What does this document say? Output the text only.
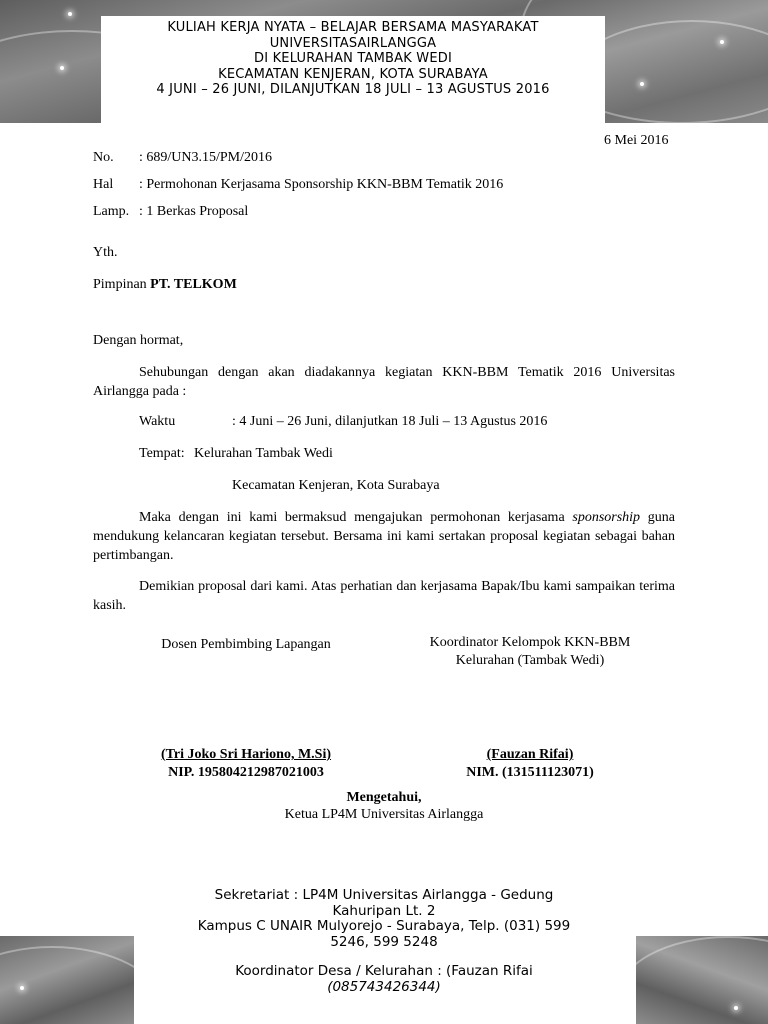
KULIAH KERJA NYATA – BELAJAR BERSAMA MASYARAKAT
UNIVERSITASAIRLANGGA
DI KELURAHAN TAMBAK WEDI
KECAMATAN KENJERAN, KOTA SURABAYA
4 JUNI – 26 JUNI, DILANJUTKAN 18 JULI – 13 AGUSTUS 2016
6 Mei 2016
No. : 689/UN3.15/PM/2016
Hal : Permohonan Kerjasama Sponsorship KKN-BBM Tematik 2016
Lamp. : 1 Berkas Proposal
Yth.
Pimpinan PT. TELKOM
Dengan hormat,
Sehubungan dengan akan diadakannya kegiatan KKN-BBM Tematik 2016 Universitas Airlangga pada :
Waktu	: 4 Juni – 26 Juni, dilanjutkan 18 Juli – 13 Agustus 2016
Tempat: Kelurahan Tambak Wedi
Kecamatan Kenjeran, Kota Surabaya
Maka dengan ini kami bermaksud mengajukan permohonan kerjasama sponsorship guna mendukung kelancaran kegiatan tersebut. Bersama ini kami sertakan proposal kegiatan sebagai bahan pertimbangan.
Demikian proposal dari kami. Atas perhatian dan kerjasama Bapak/Ibu kami sampaikan terima kasih.
Dosen Pembimbing Lapangan	Koordinator Kelompok KKN-BBM
Kelurahan (Tambak Wedi)
(Tri Joko Sri Hariono, M.Si)
NIP. 195804212987021003
(Fauzan Rifai)
NIM. (131511123071)
Mengetahui,
Ketua LP4M Universitas Airlangga
Sekretariat : LP4M Universitas Airlangga - Gedung
Kahuripan Lt. 2
Kampus C UNAIR Mulyorejo - Surabaya, Telp. (031) 599
5246, 599 5248
Koordinator Desa / Kelurahan : (Fauzan Rifai
(085743426344)
